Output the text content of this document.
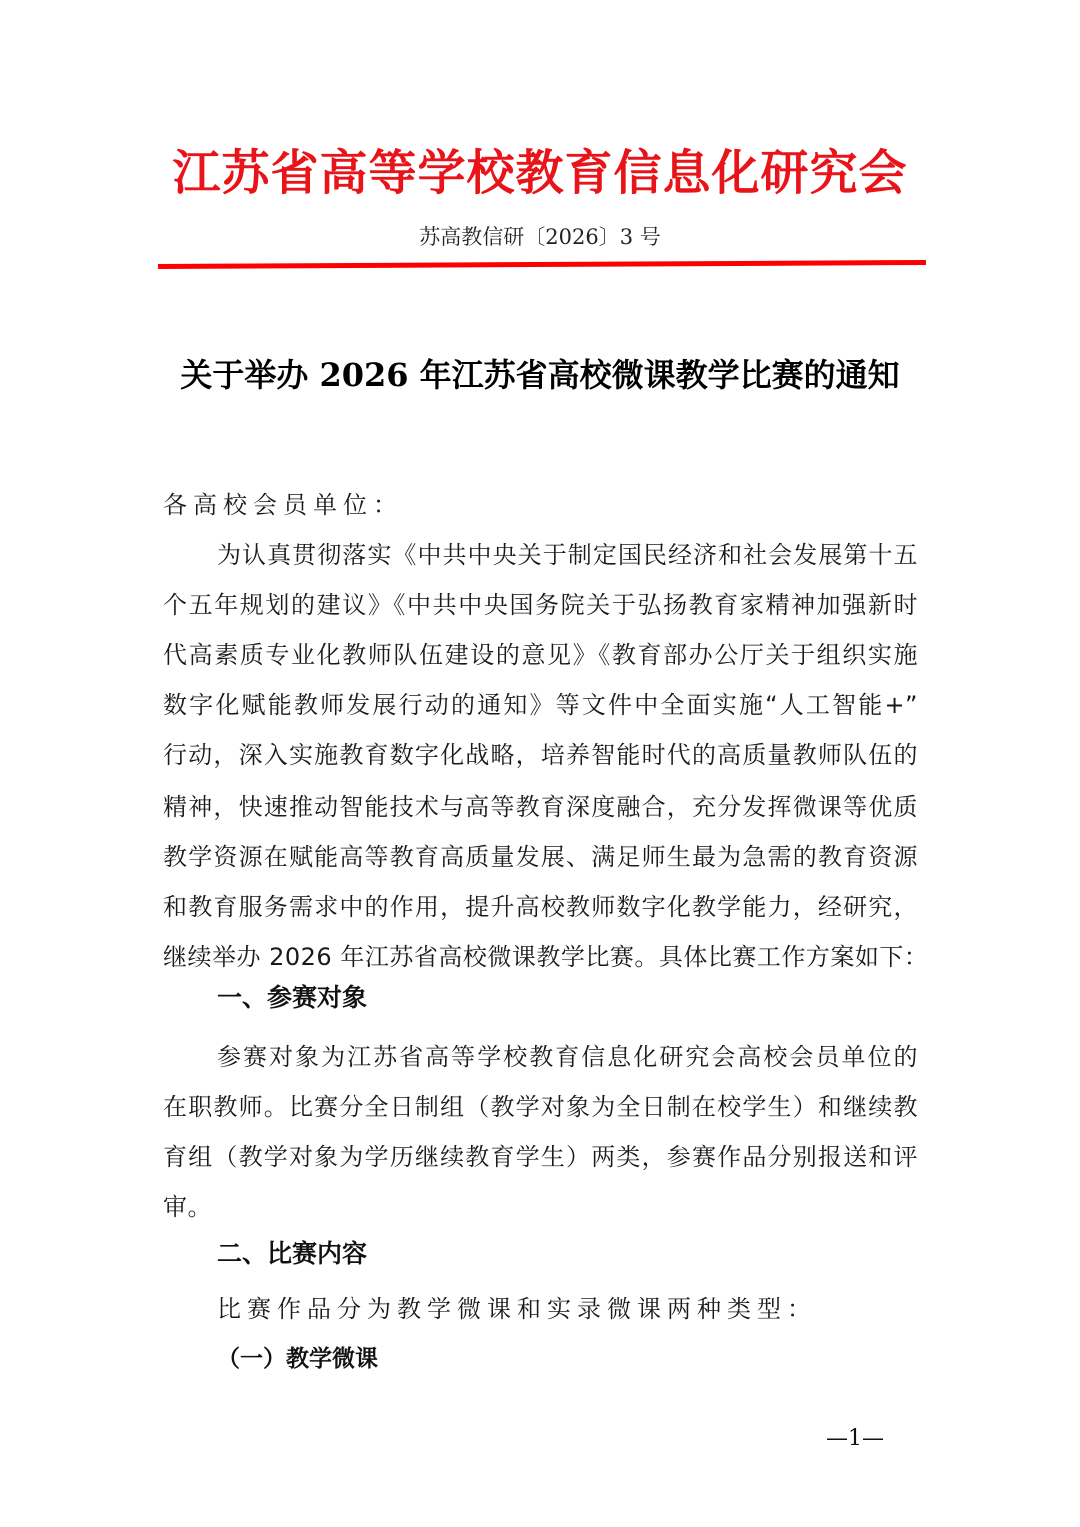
江苏省高等学校教育信息化研究会
苏高教信研〔2026〕3 号
关于举办 2026 年江苏省高校微课教学比赛的通知
各高校会员单位：
为认真贯彻落实《中共中央关于制定国民经济和社会发展第十五
个五年规划的建议》《中共中央国务院关于弘扬教育家精神加强新时
代高素质专业化教师队伍建设的意见》《教育部办公厅关于组织实施
数字化赋能教师发展行动的通知》等文件中全面实施“人工智能+”
行动，深入实施教育数字化战略，培养智能时代的高质量教师队伍的
精神，快速推动智能技术与高等教育深度融合，充分发挥微课等优质
教学资源在赋能高等教育高质量发展、满足师生最为急需的教育资源
和教育服务需求中的作用，提升高校教师数字化教学能力，经研究，
继续举办 2026 年江苏省高校微课教学比赛。具体比赛工作方案如下：
一、参赛对象
参赛对象为江苏省高等学校教育信息化研究会高校会员单位的
在职教师。比赛分全日制组（教学对象为全日制在校学生）和继续教
育组（教学对象为学历继续教育学生）两类，参赛作品分别报送和评
审。
二、比赛内容
比赛作品分为教学微课和实录微课两种类型：
（一）教学微课
—1—
